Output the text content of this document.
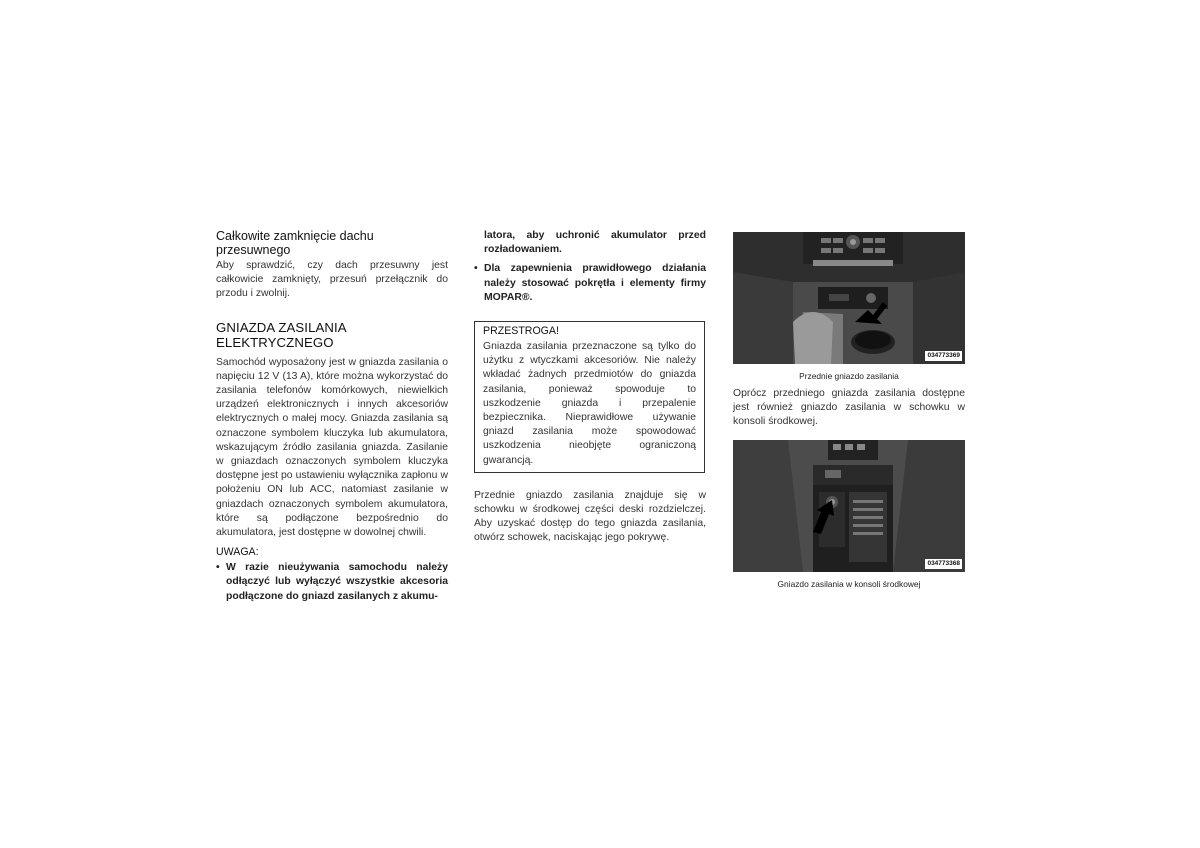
Całkowite zamknięcie dachu przesuwnego

Aby sprawdzić, czy dach przesuwny jest całkowicie zamknięty, przesuń przełącznik do przodu i zwolnij.

GNIAZDA ZASILANIA ELEKTRYCZNEGO

Samochód wyposażony jest w gniazda zasilania o napięciu 12 V (13 A), które można wykorzystać do zasilania telefonów komórkowych, niewielkich urządzeń elektronicznych i innych akcesoriów elektrycznych o małej mocy. Gniazda zasilania są oznaczone symbolem kluczyka lub akumulatora, wskazującym źródło zasilania gniazda. Zasilanie w gniazdach oznaczonych symbolem kluczyka dostępne jest po ustawieniu wyłącznika zapłonu w położeniu ON lub ACC, natomiast zasilanie w gniazdach oznaczonych symbolem akumulatora, które są podłączone bezpośrednio do akumulatora, jest dostępne w dowolnej chwili.

UWAGA:
• W razie nieużywania samochodu należy odłączyć lub wyłączyć wszystkie akcesoria podłączone do gniazd zasilanych z akumu-

latora, aby uchronić akumulator przed rozładowaniem.

• Dla zapewnienia prawidłowego działania należy stosować pokrętła i elementy firmy MOPAR®.
PRZESTROGA!

Gniazda zasilania przeznaczone są tylko do użytku z wtyczkami akcesoriów. Nie należy wkładać żadnych przedmiotów do gniazda zasilania, ponieważ spowoduje to uszkodzenie gniazda i przepalenie bezpiecznika. Nieprawidłowe używanie gniazd zasilania może spowodować uszkodzenia nieobjęte ograniczoną gwarancją.

Przednie gniazdo zasilania znajduje się w schowku w środkowej części deski rozdzielczej. Aby uzyskać dostęp do tego gniazda zasilania, otwórz schowek, naciskając jego pokrywę.

034773369
Przednie gniazdo zasilania

Oprócz przedniego gniazda zasilania dostępne jest również gniazdo zasilania w schowku w konsoli środkowej.

034773368
Gniazdo zasilania w konsoli środkowej
